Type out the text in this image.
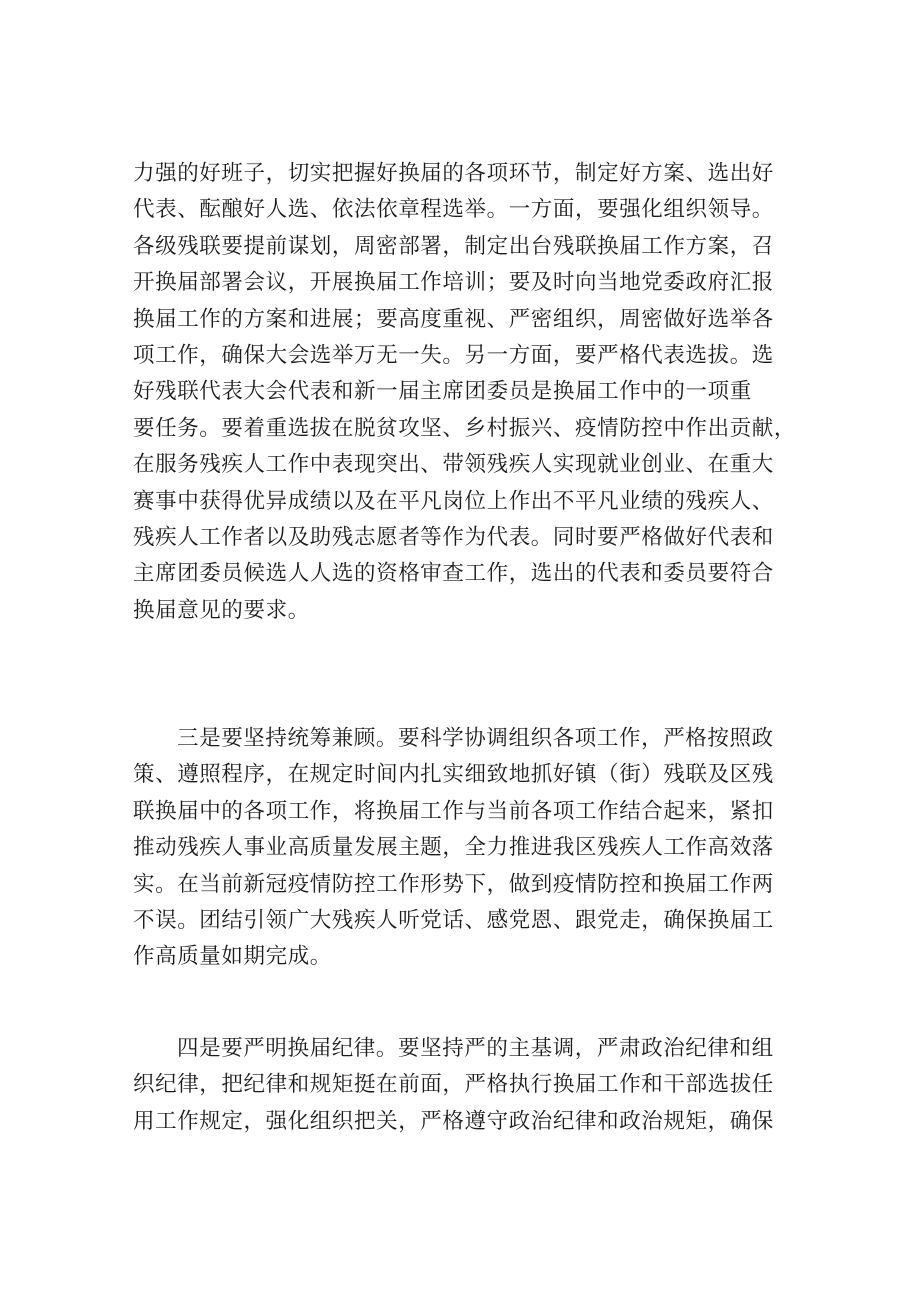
力强的好班子，切实把握好换届的各项环节，制定好方案、选出好
代表、酝酿好人选、依法依章程选举。一方面，要强化组织领导。
各级残联要提前谋划，周密部署，制定出台残联换届工作方案，召
开换届部署会议，开展换届工作培训；要及时向当地党委政府汇报
换届工作的方案和进展；要高度重视、严密组织，周密做好选举各
项工作，确保大会选举万无一失。另一方面，要严格代表选拔。选
好残联代表大会代表和新一届主席团委员是换届工作中的一项重
要任务。要着重选拔在脱贫攻坚、乡村振兴、疫情防控中作出贡献，
在服务残疾人工作中表现突出、带领残疾人实现就业创业、在重大
赛事中获得优异成绩以及在平凡岗位上作出不平凡业绩的残疾人、
残疾人工作者以及助残志愿者等作为代表。同时要严格做好代表和
主席团委员候选人人选的资格审查工作，选出的代表和委员要符合
换届意见的要求。
三是要坚持统筹兼顾。要科学协调组织各项工作，严格按照政
策、遵照程序，在规定时间内扎实细致地抓好镇（街）残联及区残
联换届中的各项工作，将换届工作与当前各项工作结合起来，紧扣
推动残疾人事业高质量发展主题，全力推进我区残疾人工作高效落
实。在当前新冠疫情防控工作形势下，做到疫情防控和换届工作两
不误。团结引领广大残疾人听党话、感党恩、跟党走，确保换届工
作高质量如期完成。
四是要严明换届纪律。要坚持严的主基调，严肃政治纪律和组
织纪律，把纪律和规矩挺在前面，严格执行换届工作和干部选拔任
用工作规定，强化组织把关，严格遵守政治纪律和政治规矩，确保
